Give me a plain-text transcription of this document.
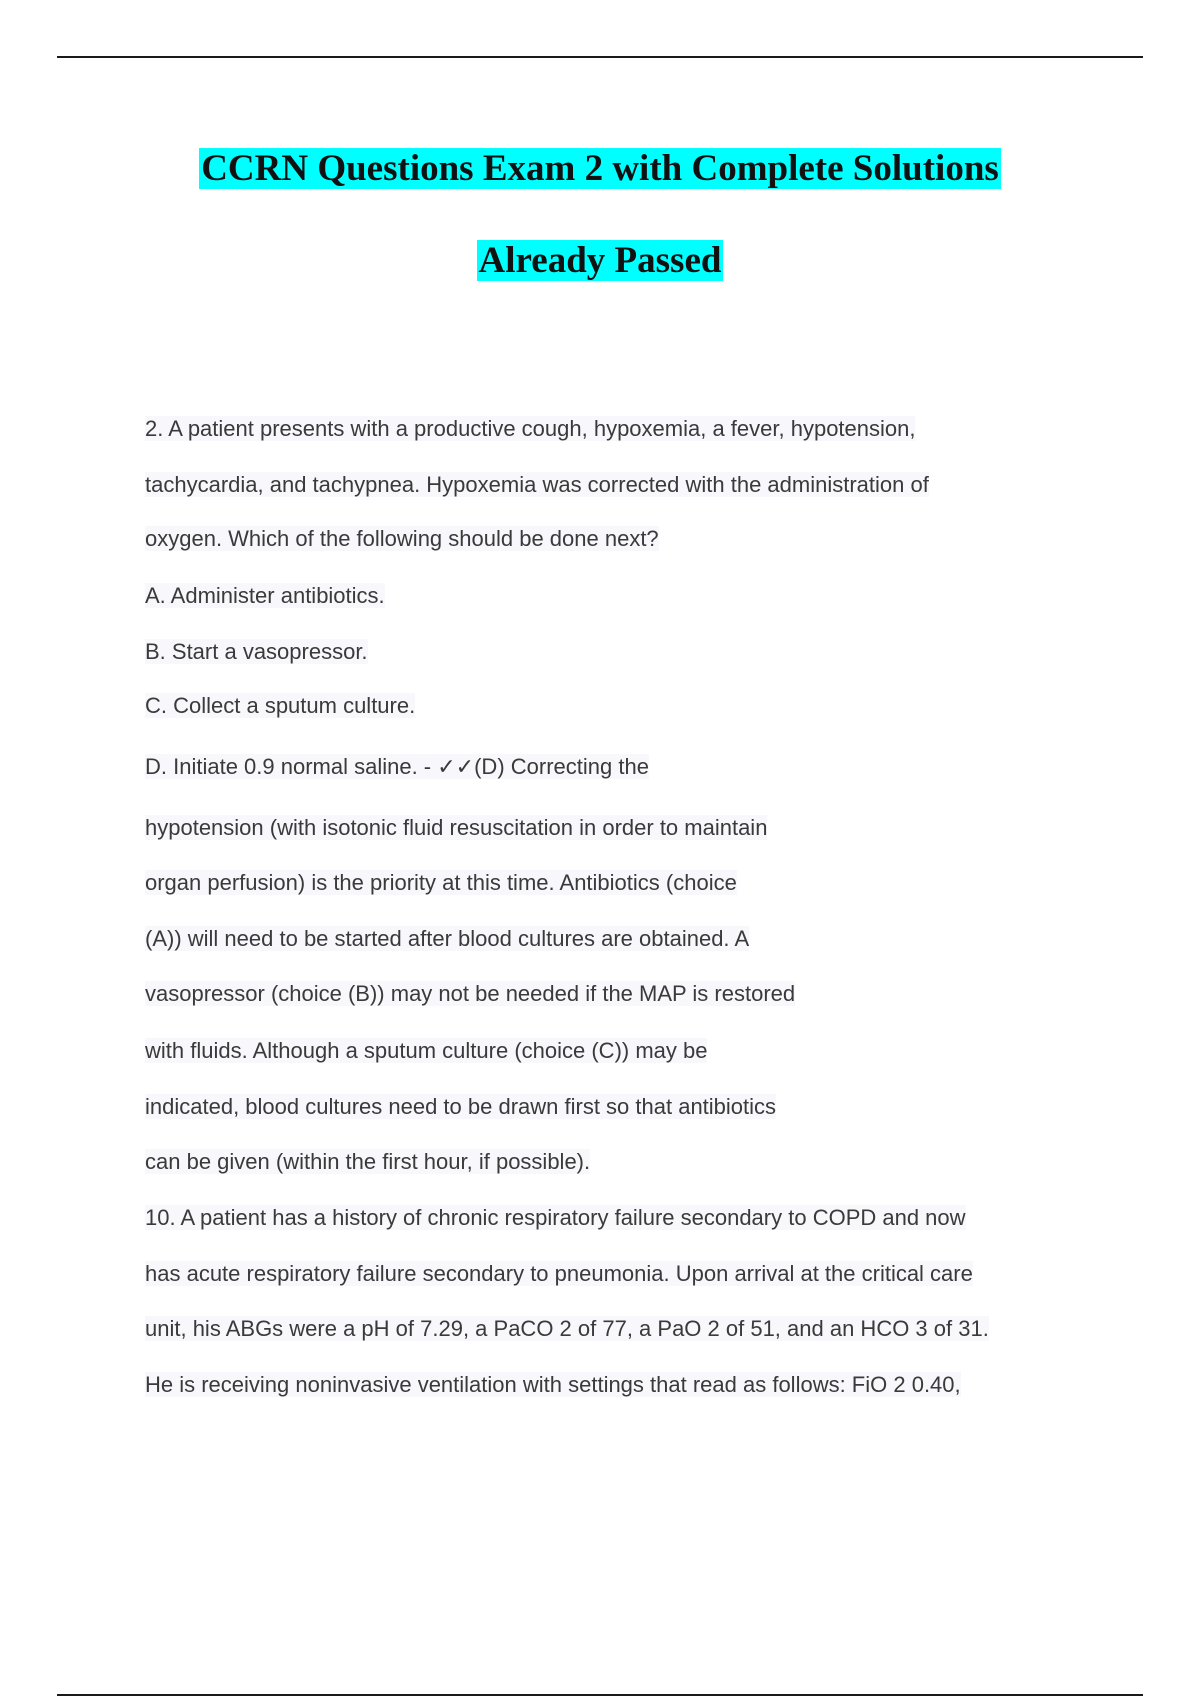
CCRN Questions Exam 2 with Complete Solutions
Already Passed
2. A patient presents with a productive cough, hypoxemia, a fever, hypotension,
tachycardia, and tachypnea. Hypoxemia was corrected with the administration of
oxygen. Which of the following should be done next?
A. Administer antibiotics.
B. Start a vasopressor.
C. Collect a sputum culture.
D. Initiate 0.9 normal saline. - ✓✓(D) Correcting the
hypotension (with isotonic fluid resuscitation in order to maintain
organ perfusion) is the priority at this time. Antibiotics (choice
(A)) will need to be started after blood cultures are obtained. A
vasopressor (choice (B)) may not be needed if the MAP is restored
with fluids. Although a sputum culture (choice (C)) may be
indicated, blood cultures need to be drawn first so that antibiotics
can be given (within the first hour, if possible).
10. A patient has a history of chronic respiratory failure secondary to COPD and now
has acute respiratory failure secondary to pneumonia. Upon arrival at the critical care
unit, his ABGs were a pH of 7.29, a PaCO 2 of 77, a PaO 2 of 51, and an HCO 3 of 31.
He is receiving noninvasive ventilation with settings that read as follows: FiO 2 0.40,
